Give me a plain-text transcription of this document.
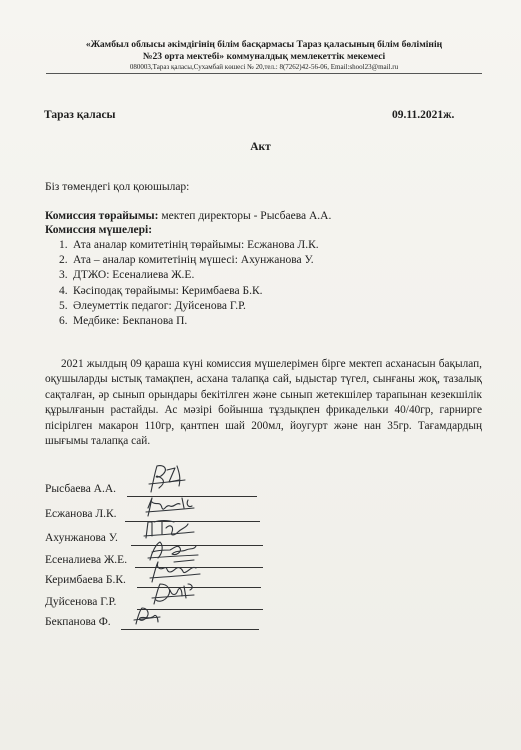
«Жамбыл облысы әкімдігінің білім басқармасы Тараз қаласының білім бөлімінің
№23 орта мектебі» коммуналдық мемлекеттік мекемесі
080003,Тараз қаласы,Сухамбай көшесі № 20,тел.: 8(7262)42-56-06, Email:shool23@mail.ru
Тараз қаласы	09.11.2021ж.
Акт
Біз төмендегі қол қоюшылар:
Комиссия төрайымы: мектеп директоры - Рысбаева А.А.
Комиссия мүшелері:
1. Ата аналар комитетінің төрайымы: Есжанова Л.К.
2. Ата – аналар комитетінің мүшесі: Ахунжанова У.
3. ДТЖО: Есеналиева Ж.Е.
4. Кәсіподақ төрайымы: Керимбаева Б.К.
5. Әлеуметтік педагог: Дуйсенова Г.Р.
6. Медбике: Бекпанова П.
2021 жылдың 09 қараша күні комиссия мүшелерімен бірге мектеп асханасын бақылап, оқушыларды ыстық тамақпен, асхана талапқа сай, ыдыстар түгел, сынғаны жоқ, тазалық сақталған, әр сынып орындары бекітілген және сынып жетекшілер тарапынан кезекшілік құрылғанын растайды. Ас мәзірі бойынша тұздықпен фрикадельки 40/40гр, гарнирге пісірілген макарон 110гр, қантпен шай 200мл, йоугурт және нан 35гр. Тағамдардың шығымы талапқа сай.
Рысбаева А.А.
Есжанова Л.К.
Ахунжанова У.
Есеналиева Ж.Е.
Керимбаева Б.К.
Дуйсенова Г.Р.
Бекпанова Ф.
